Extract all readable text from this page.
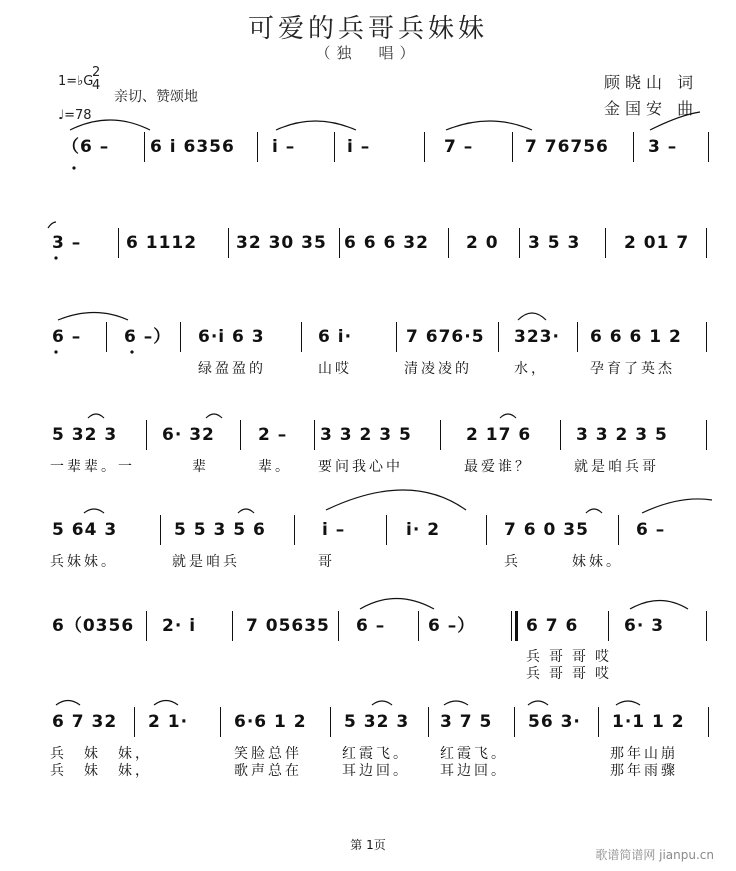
可爱的兵哥兵妹妹
（独　唱）
1=♭G
2
4
亲切、赞颂地
♩=78
顾晓山 词
金国安 曲
（6 – 6 i 6356 i –	i –	7 –	7 76756 3 –
3 –	6 1112 32 30 35 6 6 6 32 2 0 3 5 3	2 01 7
6 –	6 –） 6·i 6 3	6 i·	7 676·5 323· 6 6 6 1 2
绿盈盈的	山哎	清凌凌的	水，	孕育了英杰
5 32 3	6· 32	2 – 3 3 2 3 5	2 17 6	3 3 2 3 5
一辈辈。一	辈	辈。 要问我心中	最爱谁？	就是咱兵哥
5 64 3	5 5 3 5 6	i –	i· 2	7 6 0 35	6 –
兵妹妹。	就是咱兵	哥	兵	妹妹。
6（0356 2· i	7 05635 6 –	6 –）	6 7 6	6· 3
兵哥哥哎
兵哥哥哎
6 7 32 2 1·	6·6 1 2 5 32 3 3 7 5 56 3· 1·1 1 2
兵　妹　妹，	笑脸总伴	红霞飞。 红霞飞。	那年山崩
兵　妹　妹，	歌声总在	耳边回。 耳边回。	那年雨骤
第 1页
歌谱简谱网 jianpu.cn
